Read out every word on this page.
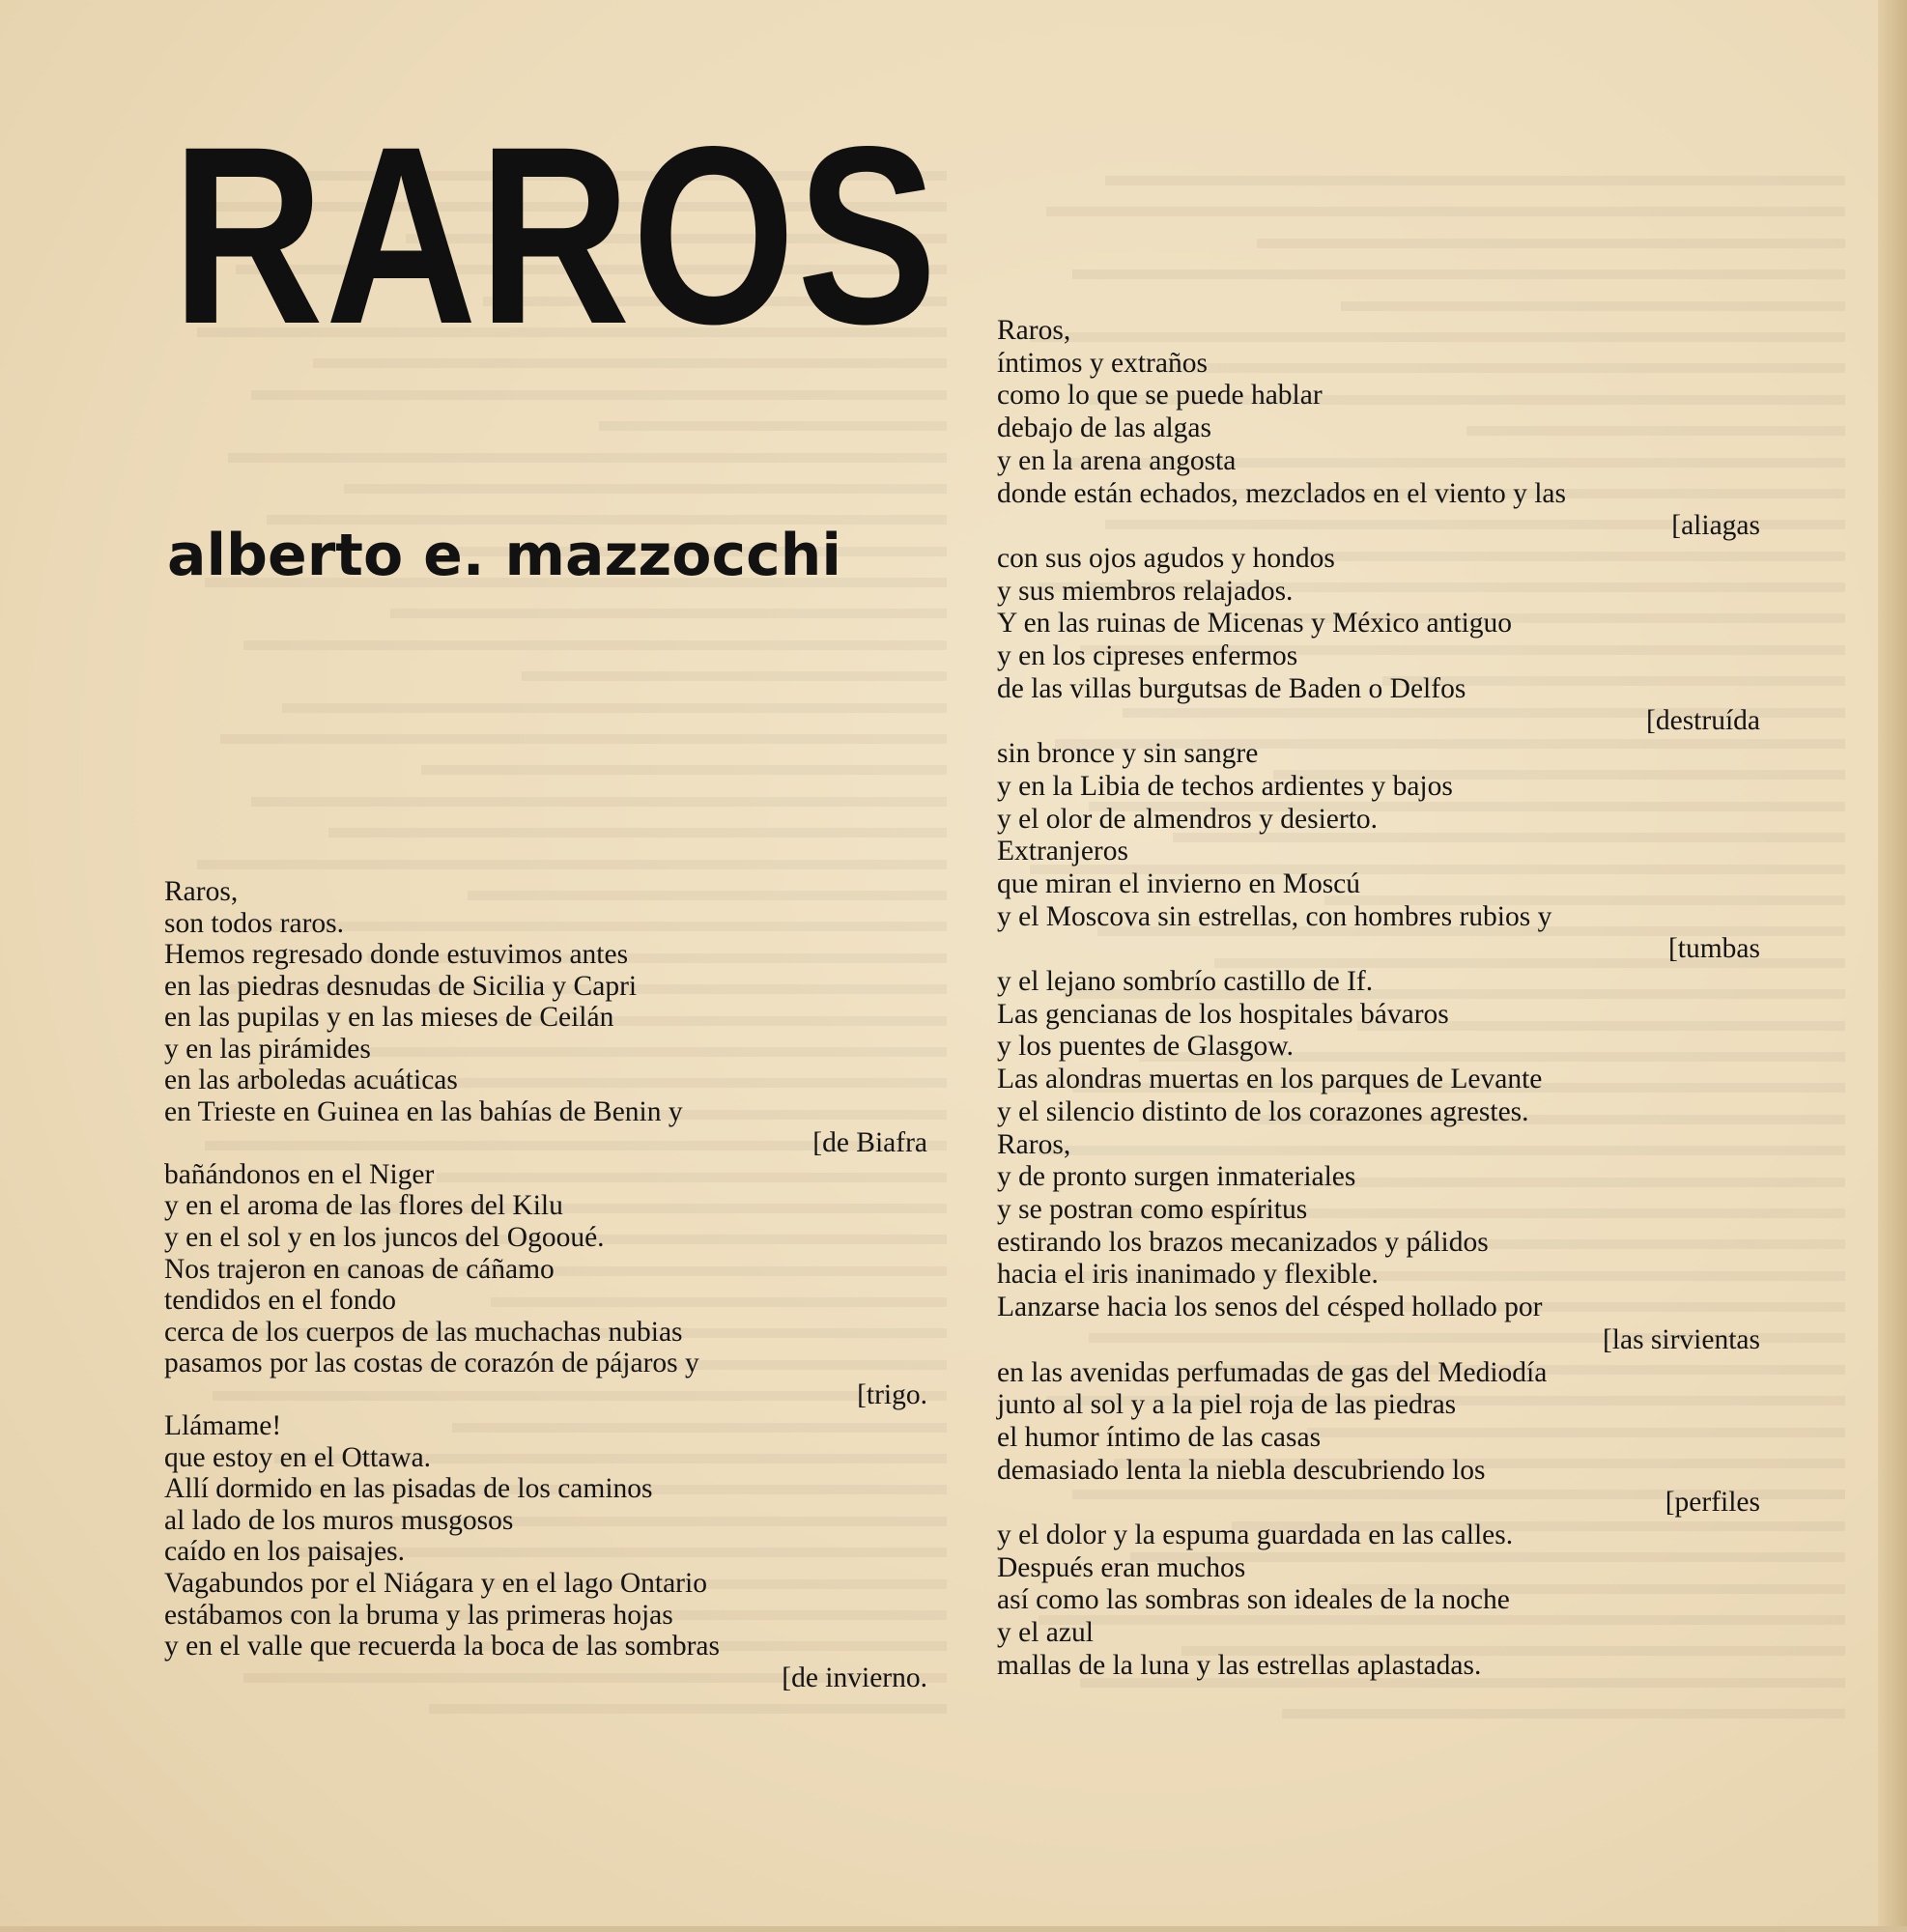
RAROS
alberto e. mazzocchi
Raros,
son todos raros.
Hemos regresado donde estuvimos antes
en las piedras desnudas de Sicilia y Capri
en las pupilas y en las mieses de Ceilán
y en las pirámides
en las arboledas acuáticas
en Trieste en Guinea en las bahías de Benin y
[de Biafra
bañándonos en el Niger
y en el aroma de las flores del Kilu
y en el sol y en los juncos del Ogooué.
Nos trajeron en canoas de cáñamo
tendidos en el fondo
cerca de los cuerpos de las muchachas nubias
pasamos por las costas de corazón de pájaros y
[trigo.
Llámame!
que estoy en el Ottawa.
Allí dormido en las pisadas de los caminos
al lado de los muros musgosos
caído en los paisajes.
Vagabundos por el Niágara y en el lago Ontario
estábamos con la bruma y las primeras hojas
y en el valle que recuerda la boca de las sombras
[de invierno.
Raros,
íntimos y extraños
como lo que se puede hablar
debajo de las algas
y en la arena angosta
donde están echados, mezclados en el viento y las
[aliagas
con sus ojos agudos y hondos
y sus miembros relajados.
Y en las ruinas de Micenas y México antiguo
y en los cipreses enfermos
de las villas burgutsas de Baden o Delfos
[destruída
sin bronce y sin sangre
y en la Libia de techos ardientes y bajos
y el olor de almendros y desierto.
Extranjeros
que miran el invierno en Moscú
y el Moscova sin estrellas, con hombres rubios y
[tumbas
y el lejano sombrío castillo de If.
Las gencianas de los hospitales bávaros
y los puentes de Glasgow.
Las alondras muertas en los parques de Levante
y el silencio distinto de los corazones agrestes.
Raros,
y de pronto surgen inmateriales
y se postran como espíritus
estirando los brazos mecanizados y pálidos
hacia el iris inanimado y flexible.
Lanzarse hacia los senos del césped hollado por
[las sirvientas
en las avenidas perfumadas de gas del Mediodía
junto al sol y a la piel roja de las piedras
el humor íntimo de las casas
demasiado lenta la niebla descubriendo los
[perfiles
y el dolor y la espuma guardada en las calles.
Después eran muchos
así como las sombras son ideales de la noche
y el azul
mallas de la luna y las estrellas aplastadas.
